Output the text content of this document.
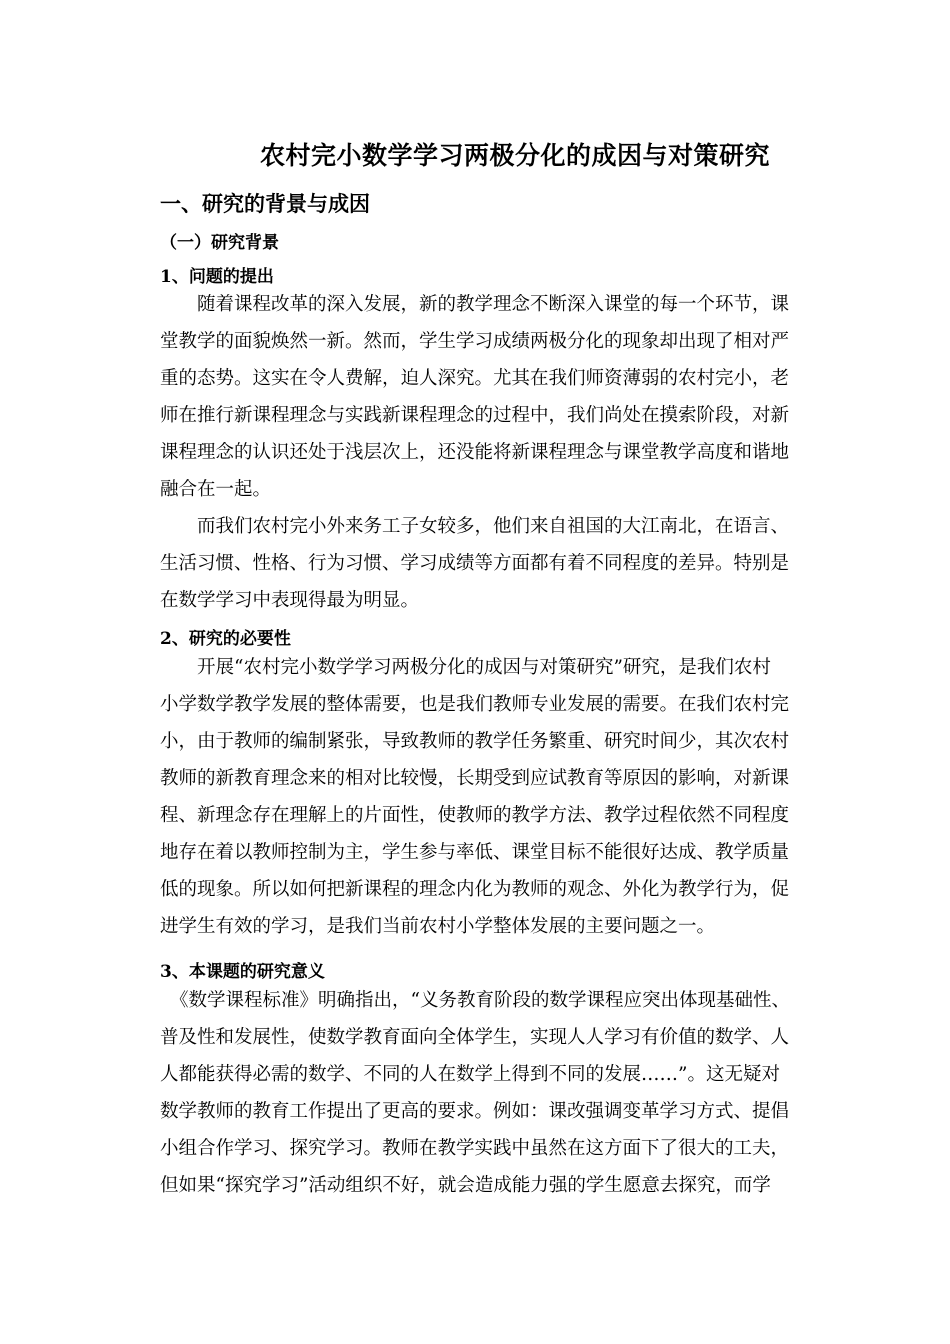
农村完小数学学习两极分化的成因与对策研究
一、研究的背景与成因
（一）研究背景
1、问题的提出
随着课程改革的深入发展，新的教学理念不断深入课堂的每一个环节，课
堂教学的面貌焕然一新。然而，学生学习成绩两极分化的现象却出现了相对严
重的态势。这实在令人费解，迫人深究。尤其在我们师资薄弱的农村完小，老
师在推行新课程理念与实践新课程理念的过程中，我们尚处在摸索阶段，对新
课程理念的认识还处于浅层次上，还没能将新课程理念与课堂教学高度和谐地
融合在一起。
而我们农村完小外来务工子女较多，他们来自祖国的大江南北，在语言、
生活习惯、性格、行为习惯、学习成绩等方面都有着不同程度的差异。特别是
在数学学习中表现得最为明显。
2、研究的必要性
开展“农村完小数学学习两极分化的成因与对策研究”研究，是我们农村
小学数学教学发展的整体需要，也是我们教师专业发展的需要。在我们农村完
小，由于教师的编制紧张，导致教师的教学任务繁重、研究时间少，其次农村
教师的新教育理念来的相对比较慢，长期受到应试教育等原因的影响，对新课
程、新理念存在理解上的片面性，使教师的教学方法、教学过程依然不同程度
地存在着以教师控制为主，学生参与率低、课堂目标不能很好达成、教学质量
低的现象。所以如何把新课程的理念内化为教师的观念、外化为教学行为，促
进学生有效的学习，是我们当前农村小学整体发展的主要问题之一。
3、本课题的研究意义
《数学课程标准》明确指出，“义务教育阶段的数学课程应突出体现基础性、
普及性和发展性，使数学教育面向全体学生，实现人人学习有价值的数学、人
人都能获得必需的数学、不同的人在数学上得到不同的发展……”。这无疑对
数学教师的教育工作提出了更高的要求。例如：课改强调变革学习方式、提倡
小组合作学习、探究学习。教师在教学实践中虽然在这方面下了很大的工夫，
但如果“探究学习”活动组织不好，就会造成能力强的学生愿意去探究，而学
